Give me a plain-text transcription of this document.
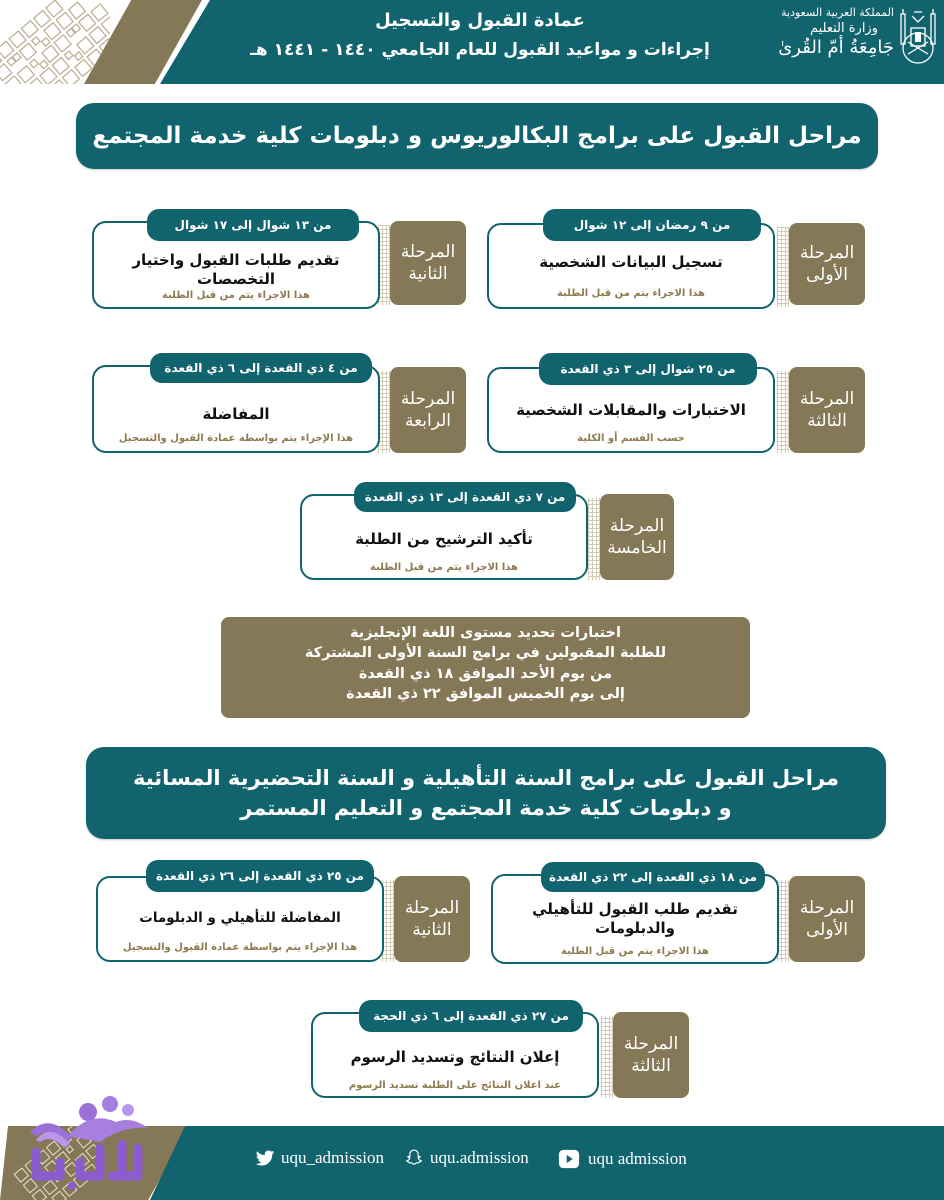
عمادة القبول والتسجيل
إجراءات و مواعيد القبول للعام الجامعي ١٤٤٠ - ١٤٤١ هـ
المملكة العربية السعودية
وزارة التعليم
جَامِعَةُ أمّ القُرىٰ
مراحل القبول على برامج البكالوريوس و دبلومات كلية خدمة المجتمع
المرحلة
الأولى
تسجيل البيانات الشخصية
هذا الاجراء يتم من قبل الطلبة
من ٩ رمضان إلى ١٢ شوال
المرحلة
الثانية
تقديم طلبات القبول واختيار التخصصات
هذا الاجراء يتم من قبل الطلبة
من ١٣ شوال إلى ١٧ شوال
المرحلة
الثالثة
الاختبارات والمقابلات الشخصية
حسب القسم أو الكلية
من ٢٥ شوال إلى ٣ ذي القعدة
المرحلة
الرابعة
المفاضلة
هذا الإجراء يتم بواسطة عمادة القبول والتسجيل
من ٤ ذي القعدة إلى ٦ ذي القعدة
المرحلة
الخامسة
تأكيد الترشيح من الطلبة
هذا الاجراء يتم من قبل الطلبة
من ٧ ذي القعدة إلى ١٣ ذي القعدة
اختبارات تحديد مستوى اللغة الإنجليزية
للطلبة المقبولين في برامج السنة الأولى المشتركة
من يوم الأحد الموافق ١٨ ذي القعدة
إلى يوم الخميس الموافق ٢٢ ذي القعدة
مراحل القبول على برامج السنة التأهيلية و السنة التحضيرية المسائية
و دبلومات كلية خدمة المجتمع و التعليم المستمر
المرحلة
الأولى
تقديم طلب القبول للتأهيلي والدبلومات
هذا الاجراء يتم من قبل الطلبة
من ١٨ ذي القعدة إلى ٢٢ ذي القعدة
المرحلة
الثانية
المفاضلة للتأهيلي و الدبلومات
هذا الإجراء يتم بواسطة عمادة القبول والتسجيل
من ٢٥ ذي القعدة إلى ٢٦ ذي القعدة
المرحلة
الثالثة
إعلان النتائج وتسديد الرسوم
عند اعلان النتائج على الطلبة تسديد الرسوم
من ٢٧ ذي القعدة إلى ٦ ذي الحجة
uqu_admission	uqu.admission	uqu admission
